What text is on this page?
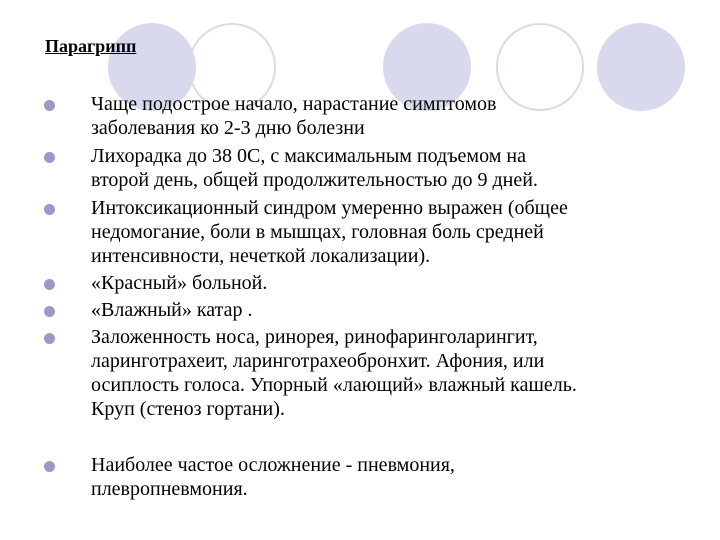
Парагрипп
Чаще подострое начало, нарастание симптомов
заболевания ко 2-3 дню болезни
Лихорадка до 38 0С, с максимальным подъемом на
второй день, общей продолжительностью до 9 дней.
Интоксикационный синдром умеренно выражен (общее
недомогание, боли в мышцах, головная боль средней
интенсивности, нечеткой локализации).
«Красный» больной.
«Влажный» катар .
Заложенность носа, ринорея, ринофаринголарингит,
ларинготрахеит, ларинготрахеобронхит. Афония, или
осиплость голоса. Упорный «лающий» влажный кашель.
Круп (стеноз гортани).
Наиболее частое осложнение - пневмония,
плевропневмония.
